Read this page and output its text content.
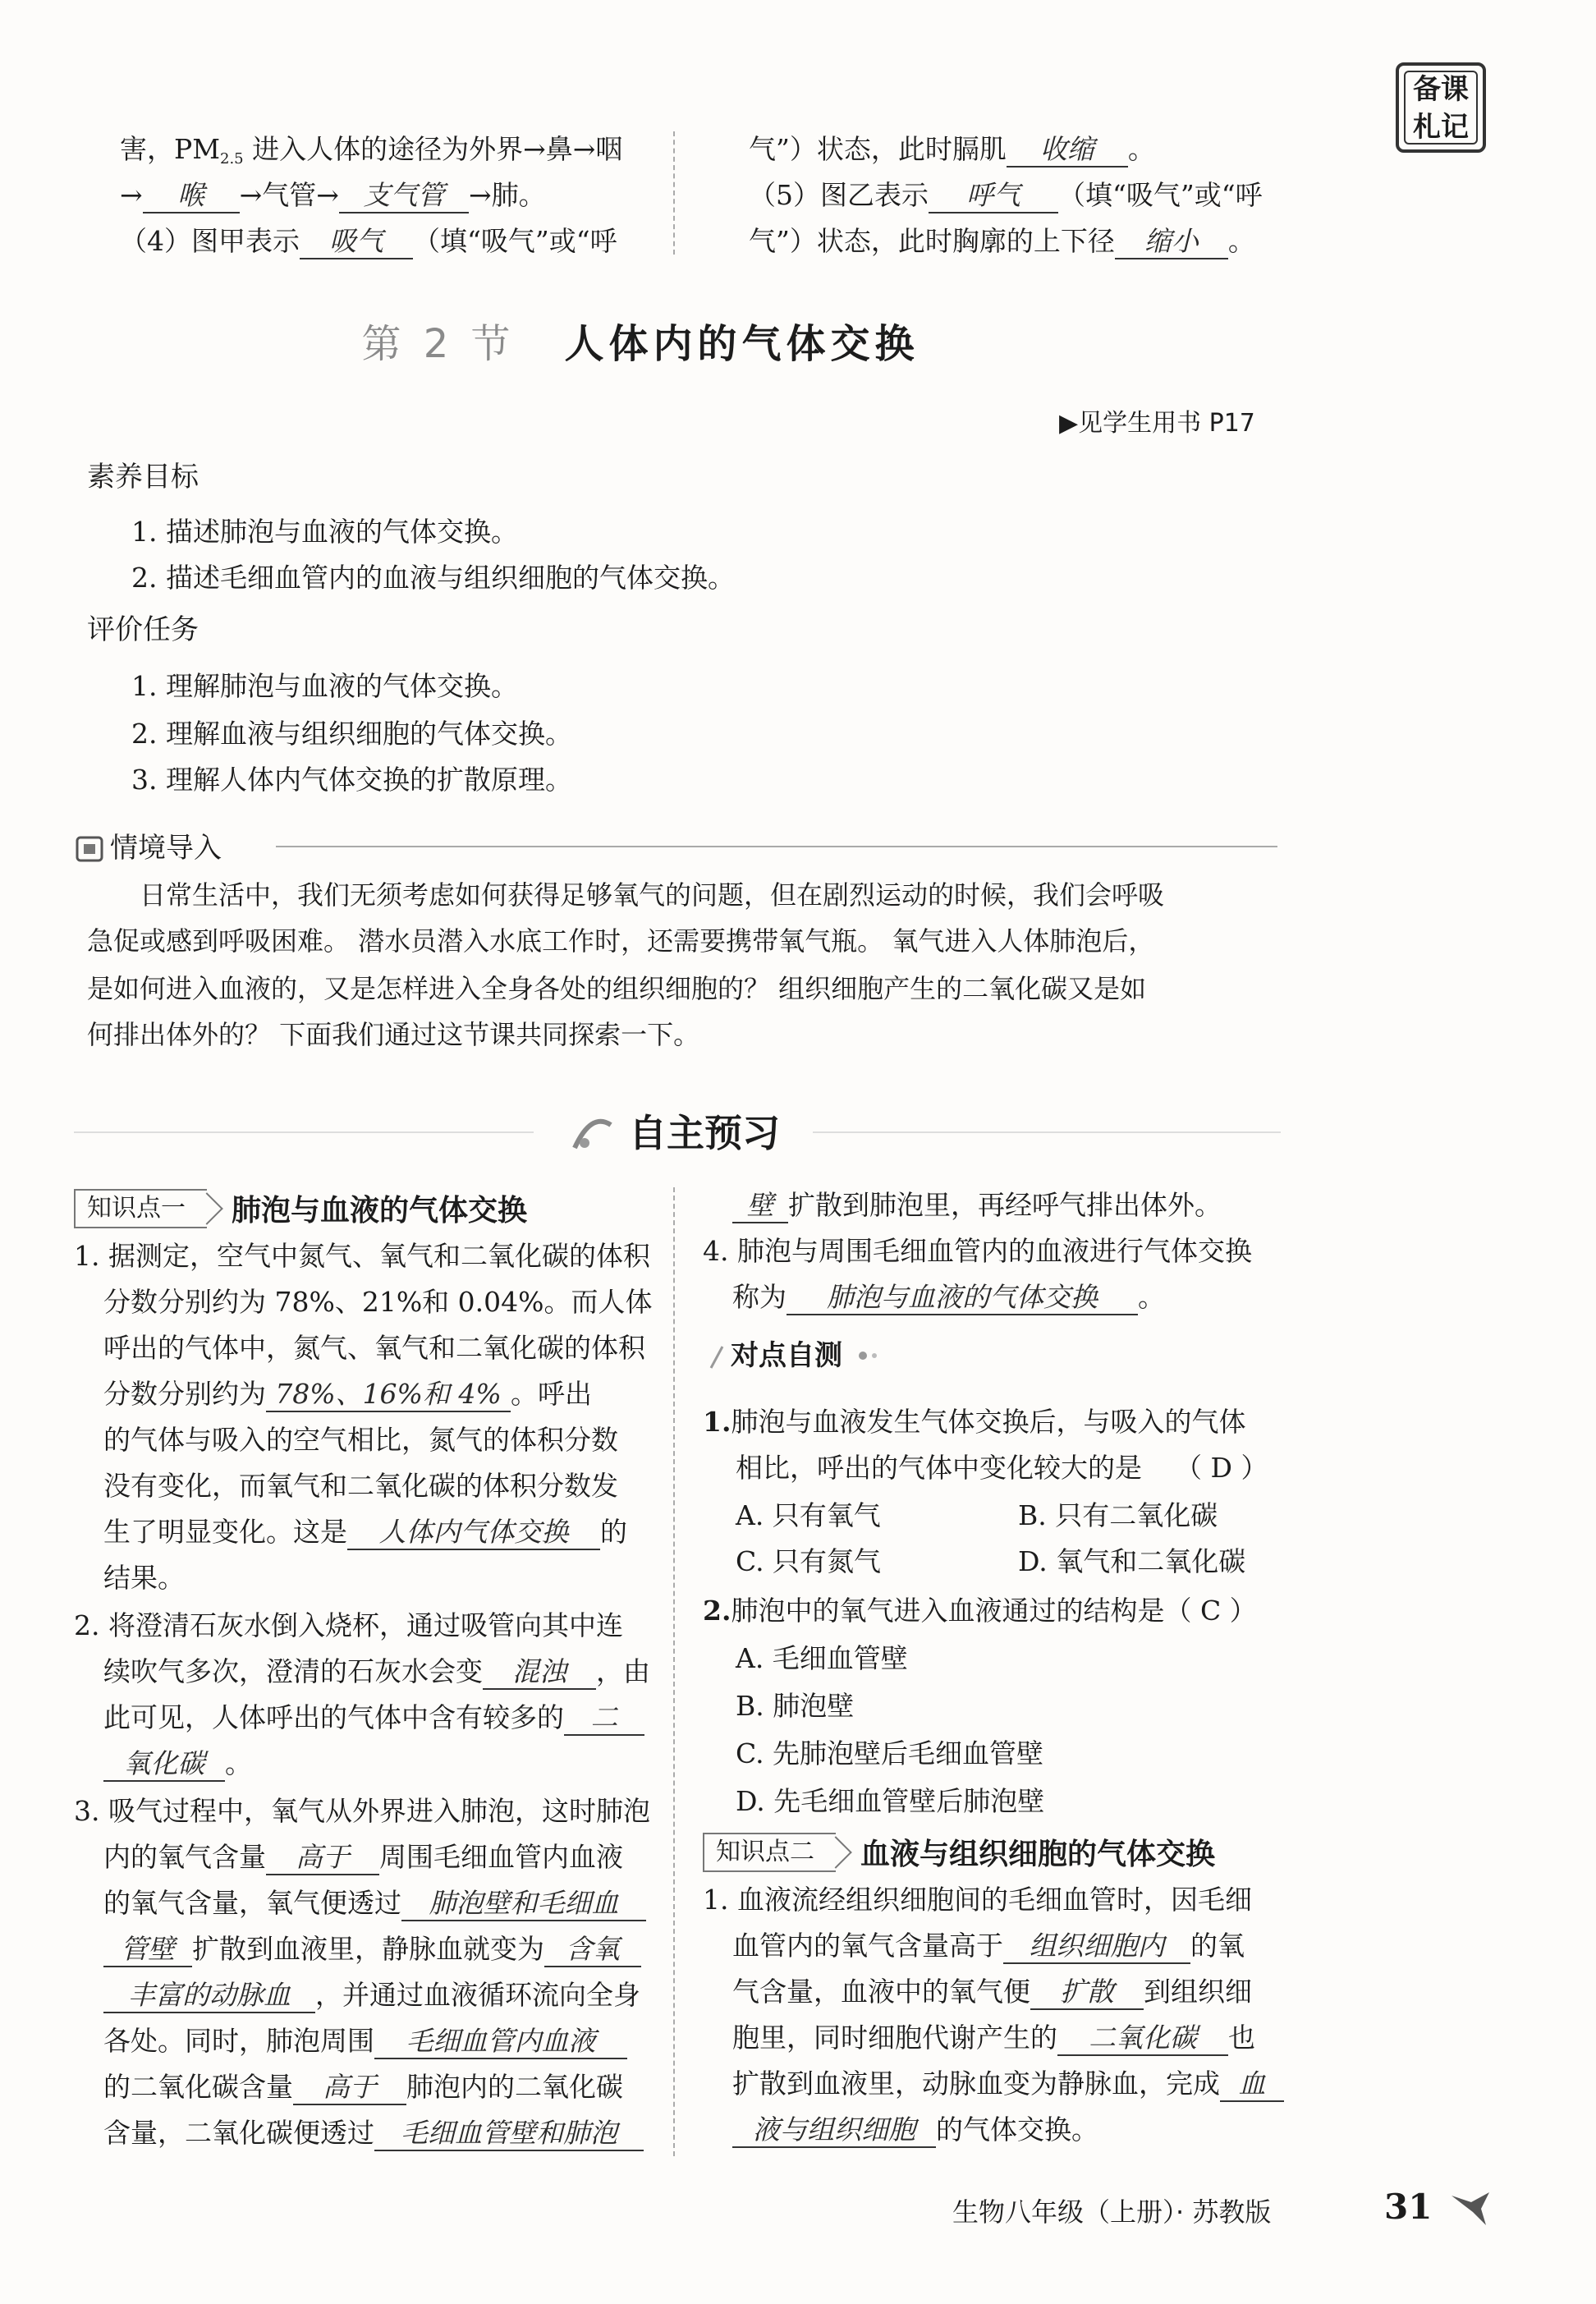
备课
札记
害，$PM_{2.5}$ 进入人体的途径为外界→鼻→咽
→ 喉 →气管→ 支气管 →肺。
（4）图甲表示 吸气 （填“吸气”或“呼
气”）状态，此时膈肌 收缩 。
（5）图乙表示 呼气 （填“吸气”或“呼
气”）状态，此时胸廓的上下径 缩小 。
第 2 节 人体内的气体交换
▶见学生用书 P17
素养目标
1. 描述肺泡与血液的气体交换。
2. 描述毛细血管内的血液与组织细胞的气体交换。
评价任务
1. 理解肺泡与血液的气体交换。
2. 理解血液与组织细胞的气体交换。
3. 理解人体内气体交换的扩散原理。
情境导入
日常生活中，我们无须考虑如何获得足够氧气的问题，但在剧烈运动的时候，我们会呼吸
急促或感到呼吸困难。 潜水员潜入水底工作时，还需要携带氧气瓶。 氧气进入人体肺泡后，
是如何进入血液的，又是怎样进入全身各处的组织细胞的？ 组织细胞产生的二氧化碳又是如
何排出体外的？ 下面我们通过这节课共同探索一下。
自主预习
知识点一	肺泡与血液的气体交换
1. 据测定，空气中氮气、氧气和二氧化碳的体积
分数分别约为 78%、21%和 0.04%。而人体
呼出的气体中，氮气、氧气和二氧化碳的体积
分数分别约为 78%、16%和 4% 。呼出
的气体与吸入的空气相比，氮气的体积分数
没有变化，而氧气和二氧化碳的体积分数发
生了明显变化。这是 人体内气体交换 的
结果。
2. 将澄清石灰水倒入烧杯，通过吸管向其中连
续吹气多次，澄清的石灰水会变 混浊 ，由
此可见，人体呼出的气体中含有较多的 二
氧化碳 。
3. 吸气过程中，氧气从外界进入肺泡，这时肺泡
内的氧气含量 高于 周围毛细血管内血液
的氧气含量，氧气便透过 肺泡壁和毛细血
管壁 扩散到血液里，静脉血就变为 含氧
丰富的动脉血 ，并通过血液循环流向全身
各处。同时，肺泡周围 毛细血管内血液
的二氧化碳含量 高于 肺泡内的二氧化碳
含量，二氧化碳便透过 毛细血管壁和肺泡
壁 扩散到肺泡里，再经呼气排出体外。
4. 肺泡与周围毛细血管内的血液进行气体交换
称为 肺泡与血液的气体交换 。
对点自测
1.肺泡与血液发生气体交换后，与吸入的气体
相比，呼出的气体中变化较大的是 （ D ）
A. 只有氧气	B. 只有二氧化碳
C. 只有氮气	D. 氧气和二氧化碳
2.肺泡中的氧气进入血液通过的结构是（ C ）
A. 毛细血管壁
B. 肺泡壁
C. 先肺泡壁后毛细血管壁
D. 先毛细血管壁后肺泡壁
知识点二	血液与组织细胞的气体交换
1. 血液流经组织细胞间的毛细血管时，因毛细
血管内的氧气含量高于 组织细胞内 的氧
气含量，血液中的氧气便 扩散 到组织细
胞里，同时细胞代谢产生的 二氧化碳 也
扩散到血液里，动脉血变为静脉血，完成 血
液与组织细胞 的气体交换。
生物八年级（上册）· 苏教版	31
